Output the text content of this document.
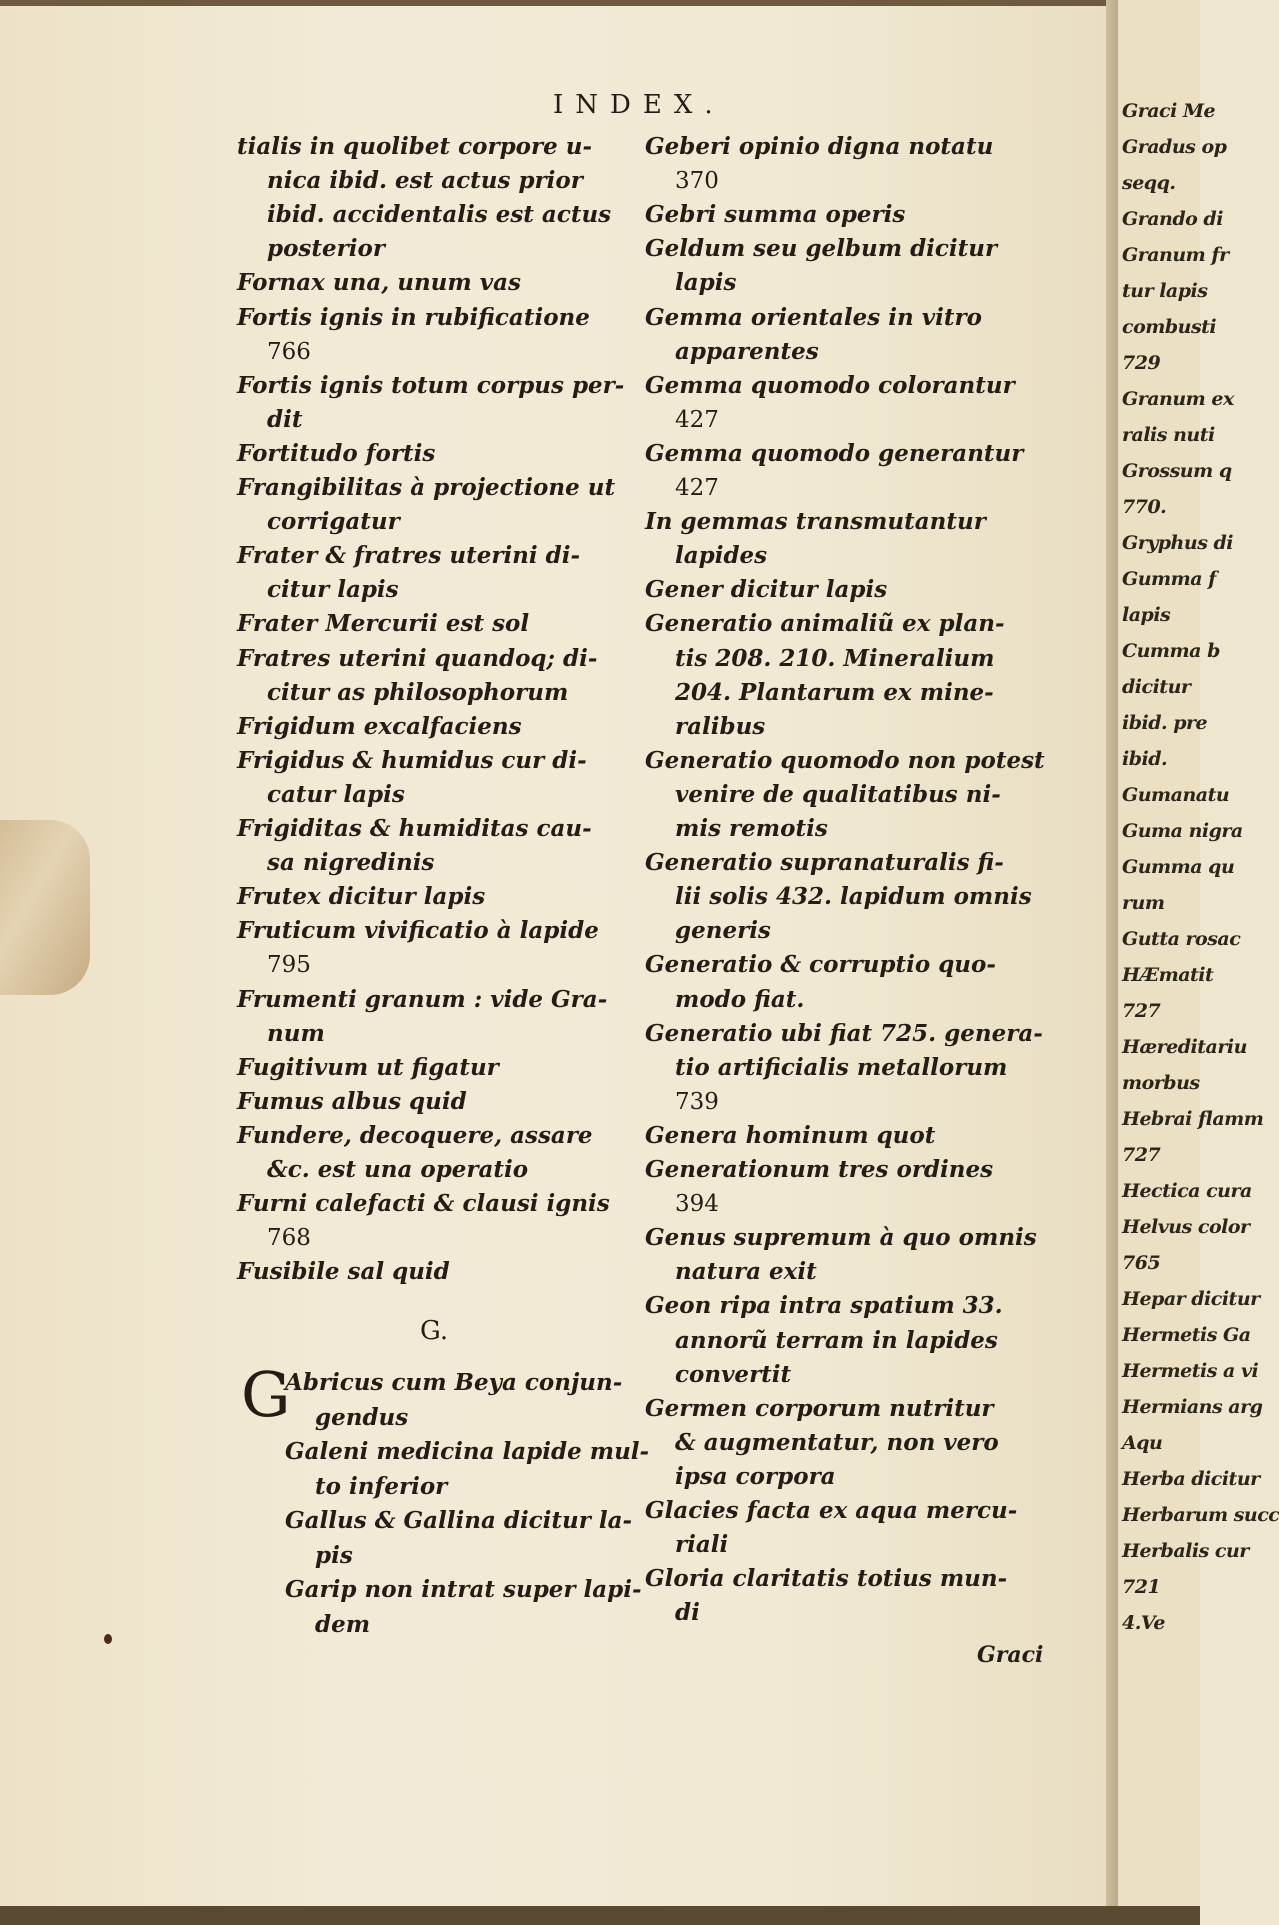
Graci Me
Gradus op
seqq.
Grando di
Granum fr
tur lapis
combusti
729
Granum ex
ralis nuti
Grossum q
770.
Gryphus di
Gumma f
lapis
Cumma b
dicitur
ibid. pre
ibid.
Gumanatu
Guma nigra
Gumma qu
rum
Gutta rosac
HÆmatit
727
Hæreditariu
morbus
Hebrai flamm
727
Hectica cura
Helvus color
765
Hepar dicitur
Hermetis Ga
Hermetis a vi
Hermians arg
Aqu
Herba dicitur
Herbarum succ
Herbalis cur
721
4.Ve
INDEX.
tialis in quolibet corpore u-
nica ibid. est actus prior
ibid. accidentalis est actus
posterior
Fornax una, unum vas
Fortis ignis in rubificatione
766
Fortis ignis totum corpus per-
dit
Fortitudo fortis
Frangibilitas à projectione ut
corrigatur
Frater & fratres uterini di-
citur lapis
Frater Mercurii est sol
Fratres uterini quandoq; di-
citur as philosophorum
Frigidum excalfaciens
Frigidus & humidus cur di-
catur lapis
Frigiditas & humiditas cau-
sa nigredinis
Frutex dicitur lapis
Fruticum vivificatio à lapide
795
Frumenti granum : vide Gra-
num
Fugitivum ut figatur
Fumus albus quid
Fundere, decoquere, assare
&c. est una operatio
Furni calefacti & clausi ignis
768
Fusibile sal quid
Abricus cum Beya conjun-
gendus
Galeni medicina lapide mul-
to inferior
Gallus & Gallina dicitur la-
pis
Garip non intrat super lapi-
dem
Geberi opinio digna notatu
370
Gebri summa operis
Geldum seu gelbum dicitur
lapis
Gemma orientales in vitro
apparentes
Gemma quomodo colorantur
427
Gemma quomodo generantur
427
In gemmas transmutantur
lapides
Gener dicitur lapis
Generatio animaliũ ex plan-
tis 208. 210. Mineralium
204. Plantarum ex mine-
ralibus
Generatio quomodo non potest
venire de qualitatibus ni-
mis remotis
Generatio supranaturalis fi-
lii solis 432. lapidum omnis
generis
Generatio & corruptio quo-
modo fiat.
Generatio ubi fiat 725. genera-
tio artificialis metallorum
739
Genera hominum quot
Generationum tres ordines
394
Genus supremum à quo omnis
natura exit
Geon ripa intra spatium 33.
annorũ terram in lapides
convertit
Germen corporum nutritur
& augmentatur, non vero
ipsa corpora
Glacies facta ex aqua mercu-
riali
Gloria claritatis totius mun-
di
G.
G
Graci
